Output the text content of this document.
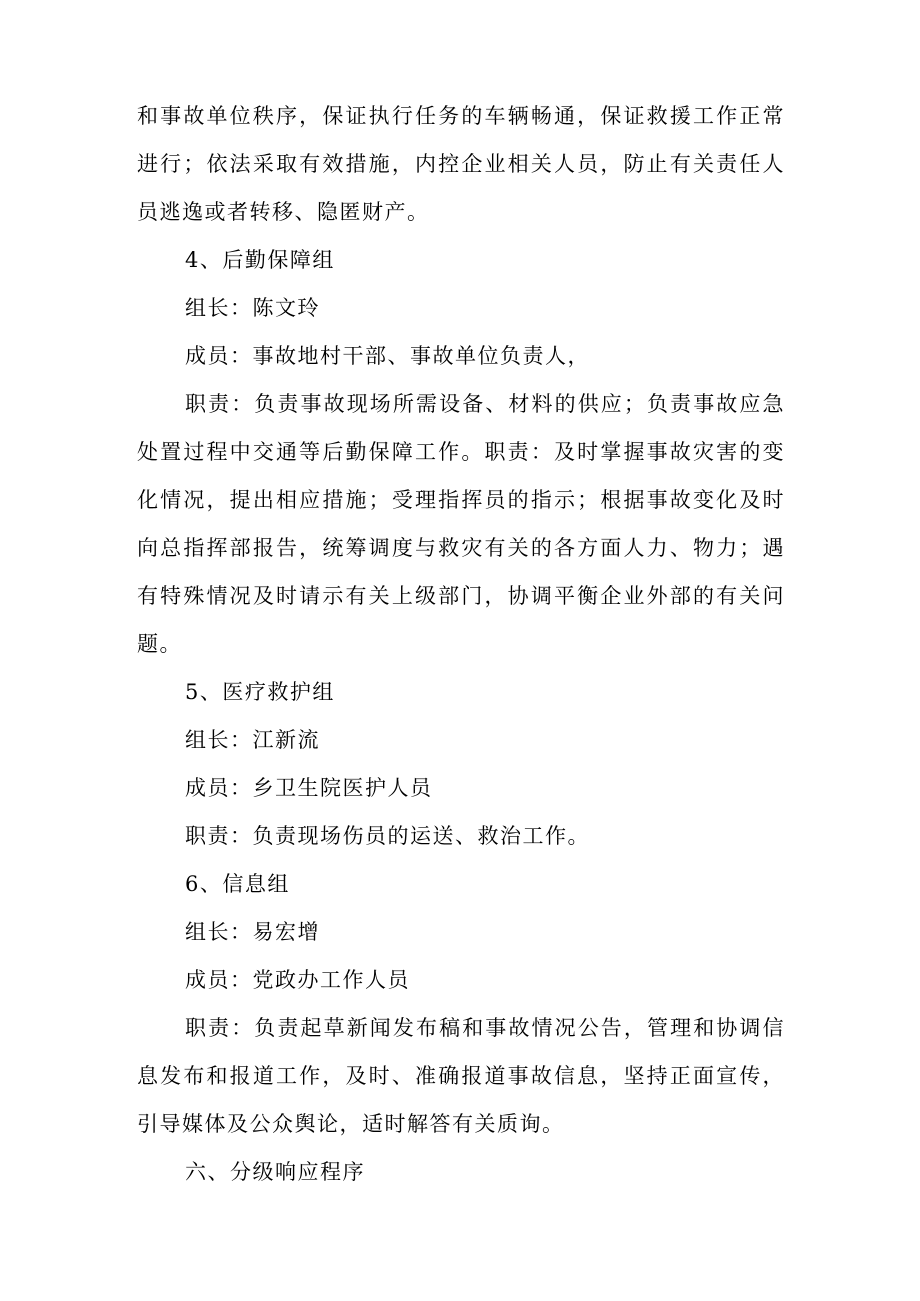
和事故单位秩序，保证执行任务的车辆畅通，保证救援工作正常进行；依法采取有效措施，内控企业相关人员，防止有关责任人员逃逸或者转移、隐匿财产。

4、后勤保障组

组长：陈文玲

成员：事故地村干部、事故单位负责人，

职责：负责事故现场所需设备、材料的供应；负责事故应急处置过程中交通等后勤保障工作。职责：及时掌握事故灾害的变化情况，提出相应措施；受理指挥员的指示；根据事故变化及时向总指挥部报告，统筹调度与救灾有关的各方面人力、物力；遇有特殊情况及时请示有关上级部门，协调平衡企业外部的有关问题。

5、医疗救护组

组长：江新流

成员：乡卫生院医护人员

职责：负责现场伤员的运送、救治工作。

6、信息组

组长：易宏增

成员：党政办工作人员

职责：负责起草新闻发布稿和事故情况公告，管理和协调信息发布和报道工作，及时、准确报道事故信息，坚持正面宣传，引导媒体及公众舆论，适时解答有关质询。

六、分级响应程序
